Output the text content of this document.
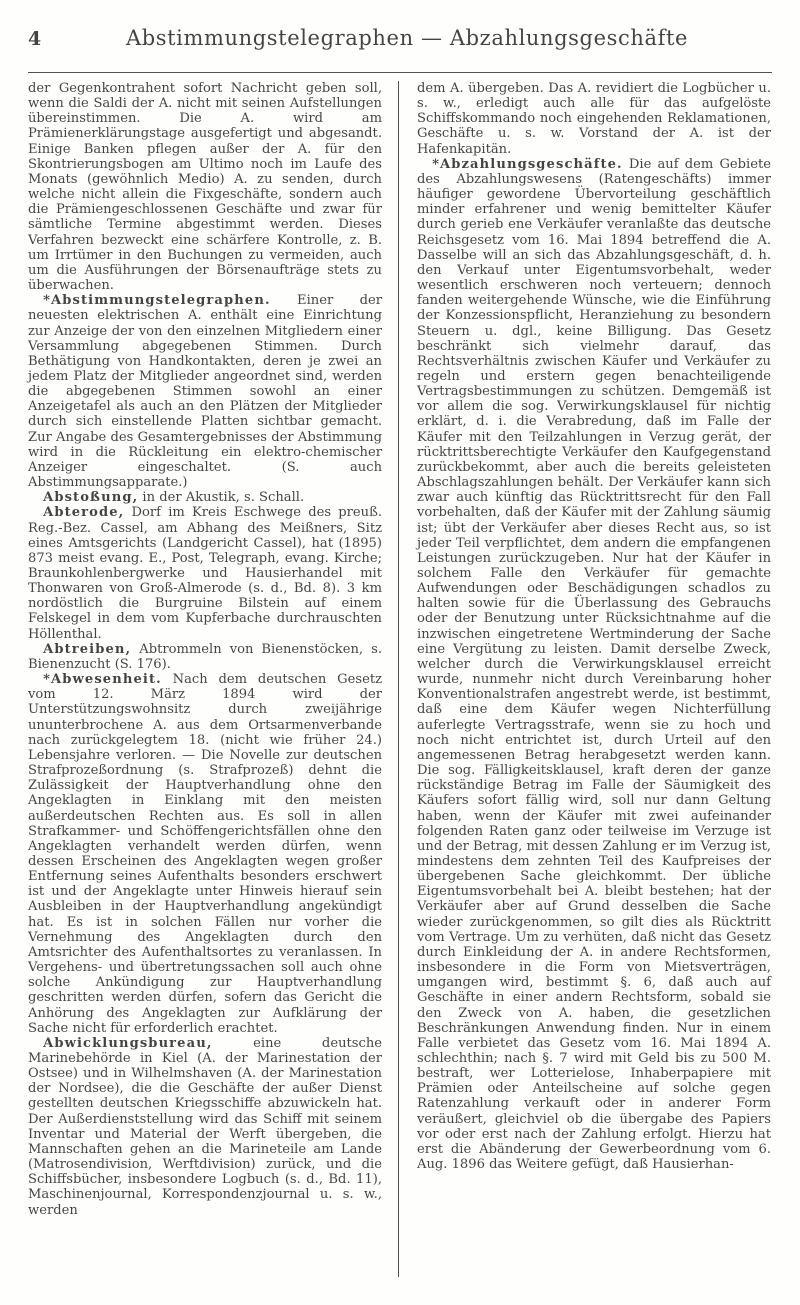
4	Abstimmungstelegraphen — Abzahlungsgeschäfte

der Gegenkontrahent sofort Nachricht geben soll, wenn die Saldi der A. nicht mit seinen Aufstellungen übereinstimmen. Die A. wird am Prämienerklärungstage ausgefertigt und abgesandt. Einige Banken pflegen außer der A. für den Skontrierungsbogen am Ultimo noch im Laufe des Monats (gewöhnlich Medio) A. zu senden, durch welche nicht allein die Fixgeschäfte, sondern auch die Prämiengeschlossenen Geschäfte und zwar für sämtliche Termine abgestimmt werden. Dieses Verfahren bezweckt eine schärfere Kontrolle, z. B. um Irrtümer in den Buchungen zu vermeiden, auch um die Ausführungen der Börsenaufträge stets zu überwachen.

*Abstimmungstelegraphen. Einer der neuesten elektrischen A. enthält eine Einrichtung zur Anzeige der von den einzelnen Mitgliedern einer Versammlung abgegebenen Stimmen. Durch Bethätigung von Handkontakten, deren je zwei an jedem Platz der Mitglieder angeordnet sind, werden die abgegebenen Stimmen sowohl an einer Anzeigetafel als auch an den Plätzen der Mitglieder durch sich einstellende Platten sichtbar gemacht. Zur Angabe des Gesamtergebnisses der Abstimmung wird in die Rückleitung ein elektro-chemischer Anzeiger eingeschaltet. (S. auch Abstimmungsapparate.)

Abstoßung, in der Akustik, s. Schall.

Abterode, Dorf im Kreis Eschwege des preuß. Reg.-Bez. Cassel, am Abhang des Meißners, Sitz eines Amtsgerichts (Landgericht Cassel), hat (1895) 873 meist evang. E., Post, Telegraph, evang. Kirche; Braunkohlenbergwerke und Hausierhandel mit Thonwaren von Groß-Almerode (s. d., Bd. 8). 3 km nordöstlich die Burgruine Bilstein auf einem Felskegel in dem vom Kupferbache durchrauschten Höllenthal.

Abtreiben, Abtrommeln von Bienenstöcken, s. Bienenzucht (S. 176).

*Abwesenheit. Nach dem deutschen Gesetz vom 12. März 1894 wird der Unterstützungswohnsitz durch zweijährige ununterbrochene A. aus dem Ortsarmenverbande nach zurückgelegtem 18. (nicht wie früher 24.) Lebensjahre verloren. — Die Novelle zur deutschen Strafprozeßordnung (s. Strafprozeß) dehnt die Zulässigkeit der Hauptverhandlung ohne den Angeklagten in Einklang mit den meisten außerdeutschen Rechten aus. Es soll in allen Strafkammer- und Schöffengerichtsfällen ohne den Angeklagten verhandelt werden dürfen, wenn dessen Erscheinen des Angeklagten wegen großer Entfernung seines Aufenthalts besonders erschwert ist und der Angeklagte unter Hinweis hierauf sein Ausbleiben in der Hauptverhandlung angekündigt hat. Es ist in solchen Fällen nur vorher die Vernehmung des Angeklagten durch den Amtsrichter des Aufenthaltsortes zu veranlassen. In Vergehens- und übertretungssachen soll auch ohne solche Ankündigung zur Hauptverhandlung geschritten werden dürfen, sofern das Gericht die Anhörung des Angeklagten zur Aufklärung der Sache nicht für erforderlich erachtet.

Abwicklungsbureau,	eine deutsche Marinebehörde in Kiel (A. der Marinestation der Ostsee) und in Wilhelmshaven (A. der Marinestation der Nordsee), die die Geschäfte der außer Dienst gestellten deutschen Kriegsschiffe abzuwickeln hat. Der Außerdienststellung wird das Schiff mit seinem Inventar und Material der Werft übergeben, die Mannschaften gehen an die Marineteile am Lande (Matrosendivision, Werftdivision) zurück, und die Schiffsbücher, insbesondere Logbuch (s. d., Bd. 11), Maschinenjournal, Korrespondenzjournal u. s. w., werden

dem A. übergeben. Das A. revidiert die Logbücher u. s. w., erledigt auch alle für das aufgelöste Schiffskommando noch eingehenden Reklamationen, Geschäfte u. s. w. Vorstand der A. ist der Hafenkapitän.

*Abzahlungsgeschäfte. Die auf dem Gebiete des Abzahlungswesens (Ratengeschäfts) immer häufiger gewordene Übervorteilung geschäftlich minder erfahrener und wenig bemittelter Käufer durch gerieb ene Verkäufer veranlaßte das deutsche Reichsgesetz vom 16. Mai 1894 betreffend die A. Dasselbe will an sich das Abzahlungsgeschäft, d. h. den Verkauf unter Eigentumsvorbehalt, weder wesentlich erschweren noch verteuern; dennoch fanden weitergehende Wünsche, wie die Einführung der Konzessionspflicht, Heranziehung zu besondern Steuern u. dgl., keine Billigung. Das Gesetz beschränkt sich vielmehr darauf, das Rechtsverhältnis zwischen Käufer und Verkäufer zu regeln und erstern gegen benachteiligende Vertragsbestimmungen zu schützen. Demgemäß ist vor allem die sog. Verwirkungsklausel für nichtig erklärt, d. i. die Verabredung, daß im Falle der Käufer mit den Teilzahlungen in Verzug gerät, der rücktrittsberechtigte Verkäufer den Kaufgegenstand zurückbekommt, aber auch die bereits geleisteten Abschlagszahlungen behält. Der Verkäufer kann sich zwar auch künftig das Rücktrittsrecht für den Fall vorbehalten, daß der Käufer mit der Zahlung säumig ist; übt der Verkäufer aber dieses Recht aus, so ist jeder Teil verpflichtet, dem andern die empfangenen Leistungen zurückzugeben. Nur hat der Käufer in solchem Falle den Verkäufer für gemachte Aufwendungen oder Beschädigungen schadlos zu halten sowie für die Überlassung des Gebrauchs oder der Benutzung unter Rücksichtnahme auf die inzwischen eingetretene Wertminderung der Sache eine Vergütung zu leisten. Damit derselbe Zweck, welcher durch die Verwirkungsklausel erreicht wurde, nunmehr nicht durch Vereinbarung hoher Konventionalstrafen angestrebt werde, ist bestimmt, daß eine dem Käufer wegen Nichterfüllung auferlegte Vertragsstrafe, wenn sie zu hoch und noch nicht entrichtet ist, durch Urteil auf den angemessenen Betrag herabgesetzt werden kann. Die sog. Fälligkeitsklausel, kraft deren der ganze rückständige Betrag im Falle der Säumigkeit des Käufers sofort fällig wird, soll nur dann Geltung haben, wenn der Käufer mit zwei aufeinander folgenden Raten ganz oder teilweise im Verzuge ist und der Betrag, mit dessen Zahlung er im Verzug ist, mindestens dem zehnten Teil des Kaufpreises der übergebenen Sache gleichkommt. Der übliche Eigentumsvorbehalt bei A. bleibt bestehen; hat der Verkäufer aber auf Grund desselben die Sache wieder zurückgenommen, so gilt dies als Rücktritt vom Vertrage. Um zu verhüten, daß nicht das Gesetz durch Einkleidung der A. in andere Rechtsformen, insbesondere in die Form von Mietsverträgen, umgangen wird, bestimmt §. 6, daß auch auf Geschäfte in einer andern Rechtsform, sobald sie den Zweck von A. haben, die gesetzlichen Beschränkungen Anwendung finden. Nur in einem Falle verbietet das Gesetz vom 16. Mai 1894 A. schlechthin; nach §. 7 wird mit Geld bis zu 500 M. bestraft, wer Lotterielose, Inhaberpapiere mit Prämien oder Anteilscheine auf solche gegen Ratenzahlung verkauft oder in anderer Form veräußert, gleichviel ob die übergabe des Papiers vor oder erst nach der Zahlung erfolgt. Hierzu hat erst die Abänderung der Gewerbeordnung vom 6. Aug. 1896 das Weitere gefügt, daß Hausierhan-
